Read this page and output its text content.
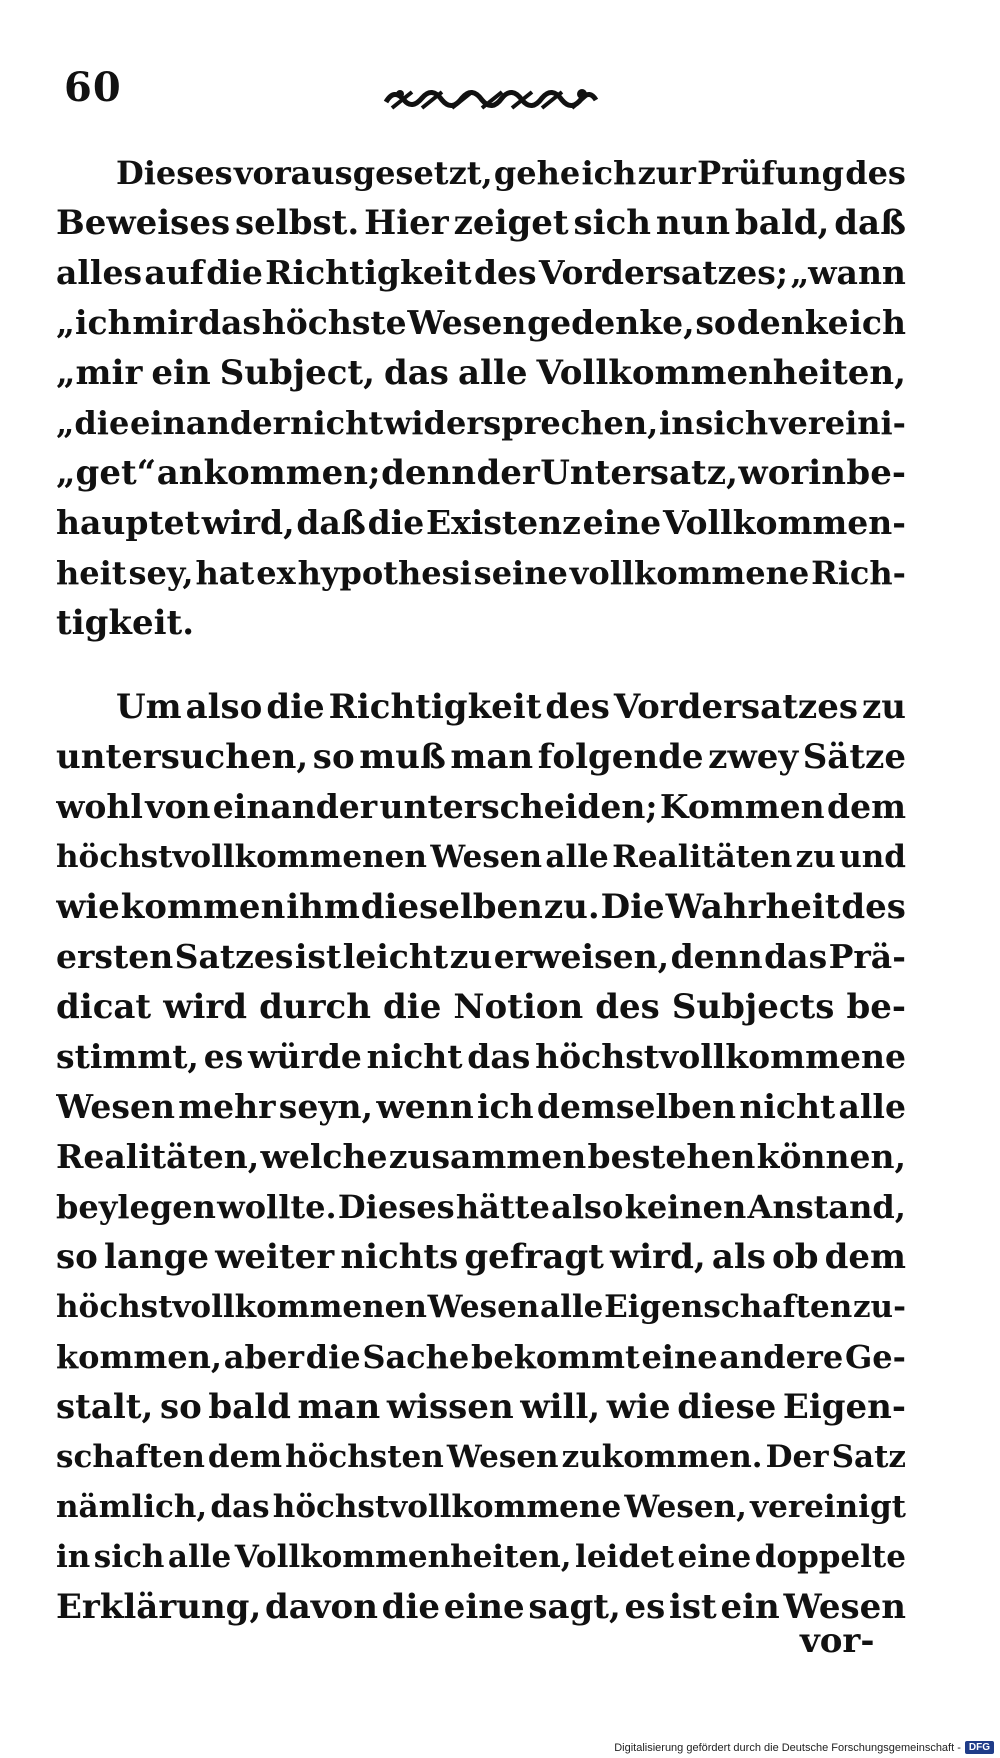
60
Dieses vorausgesetzt, gehe ich zur Prüfung des
Beweises selbst. Hier zeiget sich nun bald, daß
alles auf die Richtigkeit des Vordersatzes; „wann
„ich mir das höchste Wesen gedenke, so denke ich
„mir ein Subject, das alle Vollkommenheiten,
„die einander nicht widersprechen, in sich vereini-
„get“ ankommen; denn der Untersatz, worin be-
hauptet wird, daß die Existenz eine Vollkommen-
heit sey, hat ex hypothesi seine vollkommene Rich-
tigkeit.
Um also die Richtigkeit des Vordersatzes zu
untersuchen, so muß man folgende zwey Sätze
wohl von einander unterscheiden; Kommen dem
höchstvollkommenen Wesen alle Realitäten zu und
wie kommen ihm dieselben zu. Die Wahrheit des
ersten Satzes ist leicht zu erweisen, denn das Prä-
dicat wird durch die Notion des Subjects be-
stimmt, es würde nicht das höchstvollkommene
Wesen mehr seyn, wenn ich demselben nicht alle
Realitäten, welche zusammen bestehen können,
beylegen wollte. Dieses hätte also keinen Anstand,
so lange weiter nichts gefragt wird, als ob dem
höchstvollkommenen Wesen alle Eigenschaften zu-
kommen, aber die Sache bekommt eine andere Ge-
stalt, so bald man wissen will, wie diese Eigen-
schaften dem höchsten Wesen zukommen. Der Satz
nämlich, das höchstvollkommene Wesen, vereinigt
in sich alle Vollkommenheiten, leidet eine doppelte
Erklärung, davon die eine sagt, es ist ein Wesen
vor-
Digitalisierung gefördert durch die Deutsche Forschungsgemeinschaft - DFG
